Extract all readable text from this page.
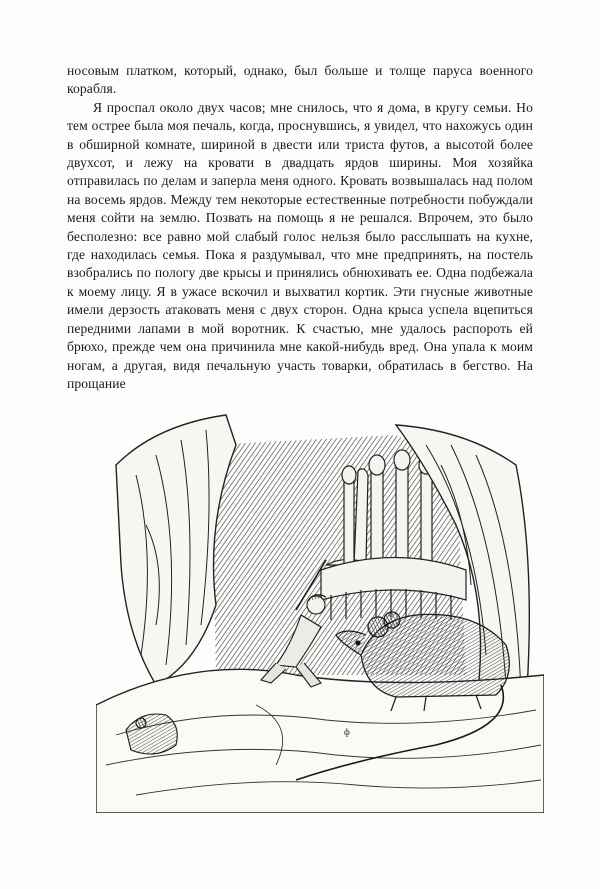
носовым платком, который, однако, был больше и толще паруса военного корабля.

Я проспал около двух часов; мне снилось, что я дома, в кругу семьи. Но тем острее была моя печаль, когда, проснувшись, я увидел, что нахожусь один в обширной комнате, шириной в двести или триста футов, а высотой более двухсот, и лежу на кровати в двадцать ярдов ширины. Моя хозяйка отправилась по делам и заперла меня одного. Кровать возвышалась над полом на восемь ярдов. Между тем некоторые естественные потребности побуждали меня сойти на землю. Позвать на помощь я не решался. Впрочем, это было бесполезно: все равно мой слабый голос нельзя было расслышать на кухне, где находилась семья. Пока я раздумывал, что мне предпринять, на постель взобрались по пологу две крысы и принялись обнюхивать ее. Одна подбежала к моему лицу. Я в ужасе вскочил и выхватил кортик. Эти гнусные животные имели дерзость атаковать меня с двух сторон. Одна крыса успела вцепиться передними лапами в мой воротник. К счастью, мне удалось распороть ей брюхо, прежде чем она причинила мне какой-нибудь вред. Она упала к моим ногам, а другая, видя печальную участь товарки, обратилась в бегство. На прощание

ф
